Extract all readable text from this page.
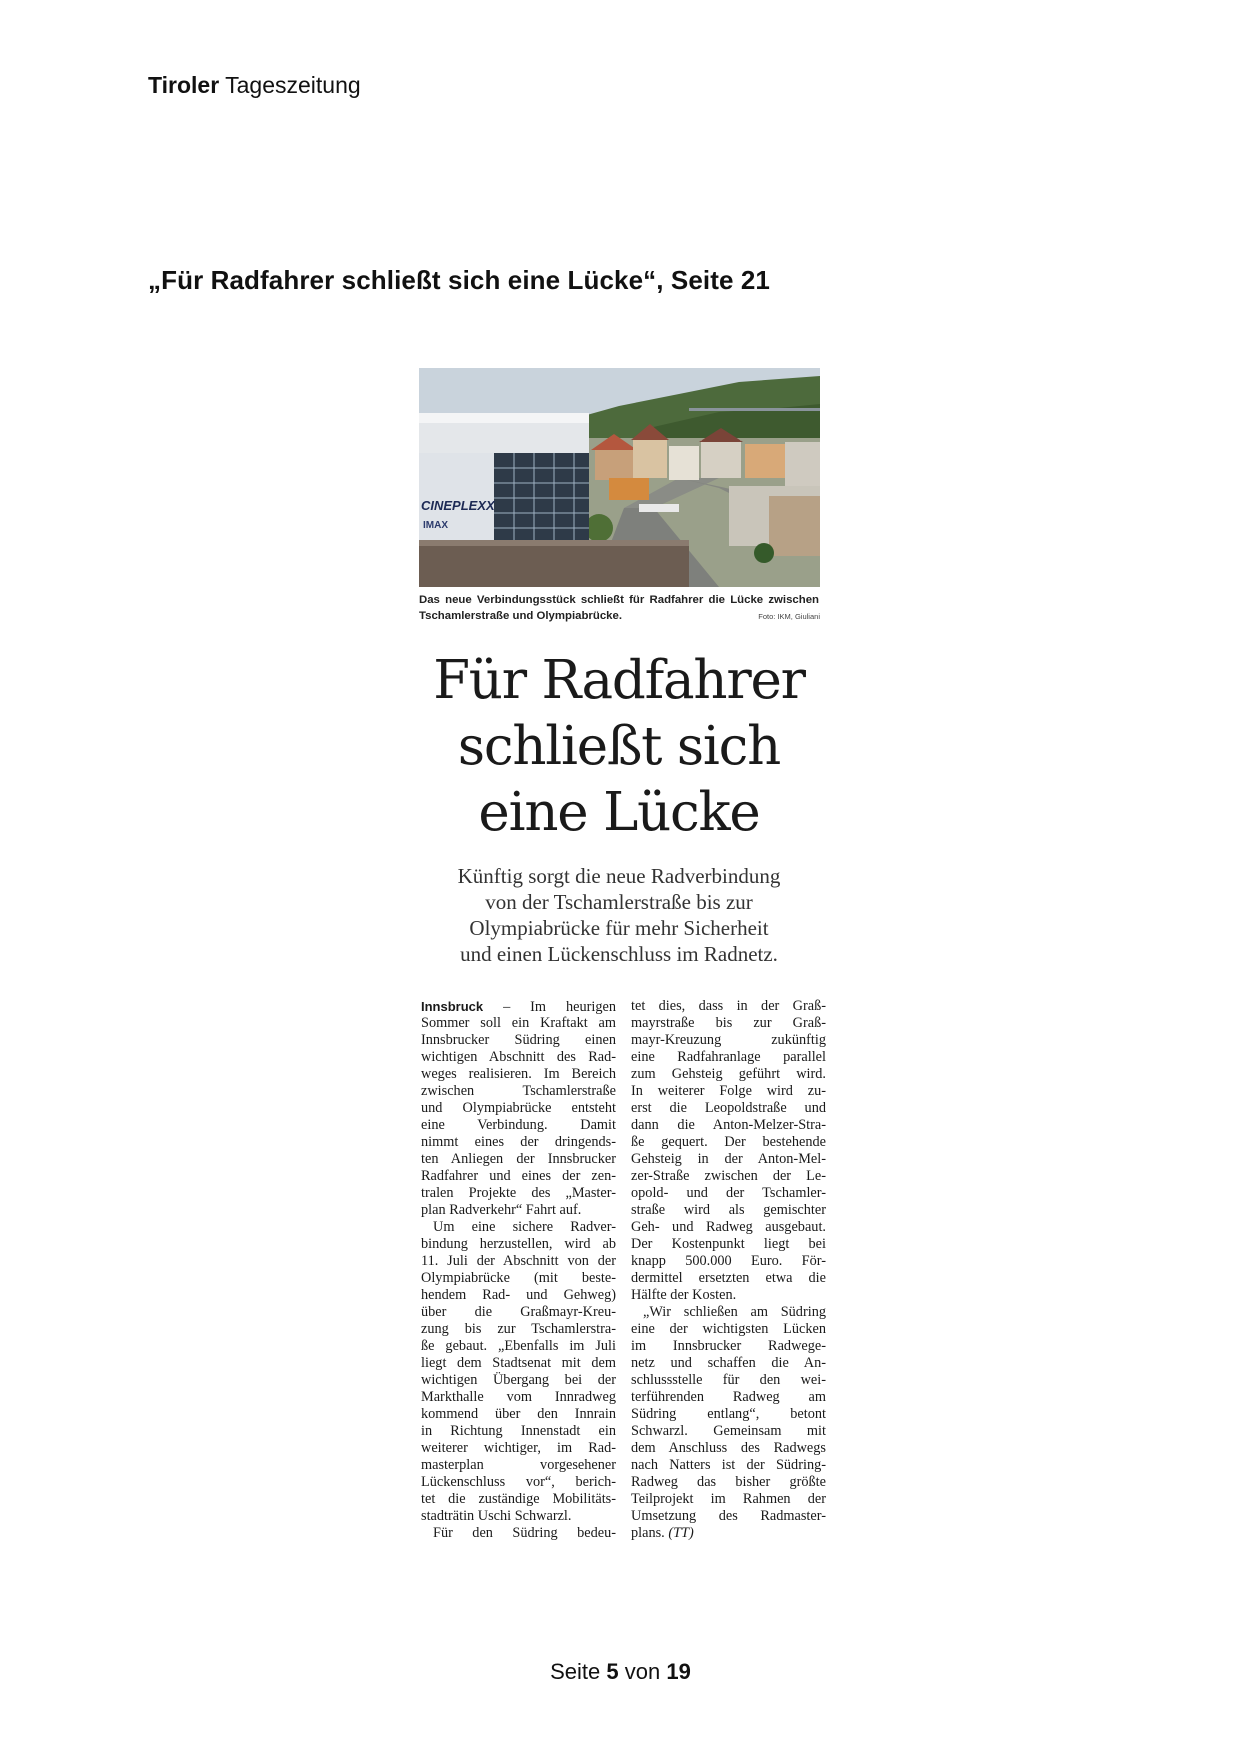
Tiroler Tageszeitung
„Für Radfahrer schließt sich eine Lücke“, Seite 21
CINEPLEXX
IMAX
Das neue Verbindungsstück schließt für Radfahrer die Lücke zwischen
Tschamlerstraße und Olympiabrücke.	Foto: IKM, Giuliani
Für Radfahrer
schließt sich
eine Lücke
Künftig sorgt die neue Radverbindung
von der Tschamlerstraße bis zur
Olympiabrücke für mehr Sicherheit
und einen Lückenschluss im Radnetz.
Innsbruck – Im heurigen
Sommer soll ein Kraftakt am
Innsbrucker Südring einen
wichtigen Abschnitt des Rad-
weges realisieren. Im Bereich
zwischen Tschamlerstraße
und Olympiabrücke entsteht
eine Verbindung. Damit
nimmt eines der dringends-
ten Anliegen der Innsbrucker
Radfahrer und eines der zen-
tralen Projekte des „Master-
plan Radverkehr“ Fahrt auf.
Um eine sichere Radver-
bindung herzustellen, wird ab
11. Juli der Abschnitt von der
Olympiabrücke (mit beste-
hendem Rad- und Gehweg)
über die Graßmayr-Kreu-
zung bis zur Tschamlerstra-
ße gebaut. „Ebenfalls im Juli
liegt dem Stadtsenat mit dem
wichtigen Übergang bei der
Markthalle vom Innradweg
kommend über den Innrain
in Richtung Innenstadt ein
weiterer wichtiger, im Rad-
masterplan vorgesehener
Lückenschluss vor“, berich-
tet die zuständige Mobilitäts-
stadträtin Uschi Schwarzl.
Für den Südring bedeu-
tet dies, dass in der Graß-
mayrstraße bis zur Graß-
mayr-Kreuzung zukünftig
eine Radfahranlage parallel
zum Gehsteig geführt wird.
In weiterer Folge wird zu-
erst die Leopoldstraße und
dann die Anton-Melzer-Stra-
ße gequert. Der bestehende
Gehsteig in der Anton-Mel-
zer-Straße zwischen der Le-
opold- und der Tschamler-
straße wird als gemischter
Geh- und Radweg ausgebaut.
Der Kostenpunkt liegt bei
knapp 500.000 Euro. För-
dermittel ersetzten etwa die
Hälfte der Kosten.
„Wir schließen am Südring
eine der wichtigsten Lücken
im Innsbrucker Radwege-
netz und schaffen die An-
schlussstelle für den wei-
terführenden Radweg am
Südring entlang“, betont
Schwarzl. Gemeinsam mit
dem Anschluss des Radwegs
nach Natters ist der Südring-
Radweg das bisher größte
Teilprojekt im Rahmen der
Umsetzung des Radmaster-
plans. (TT)
Seite 5 von 19
